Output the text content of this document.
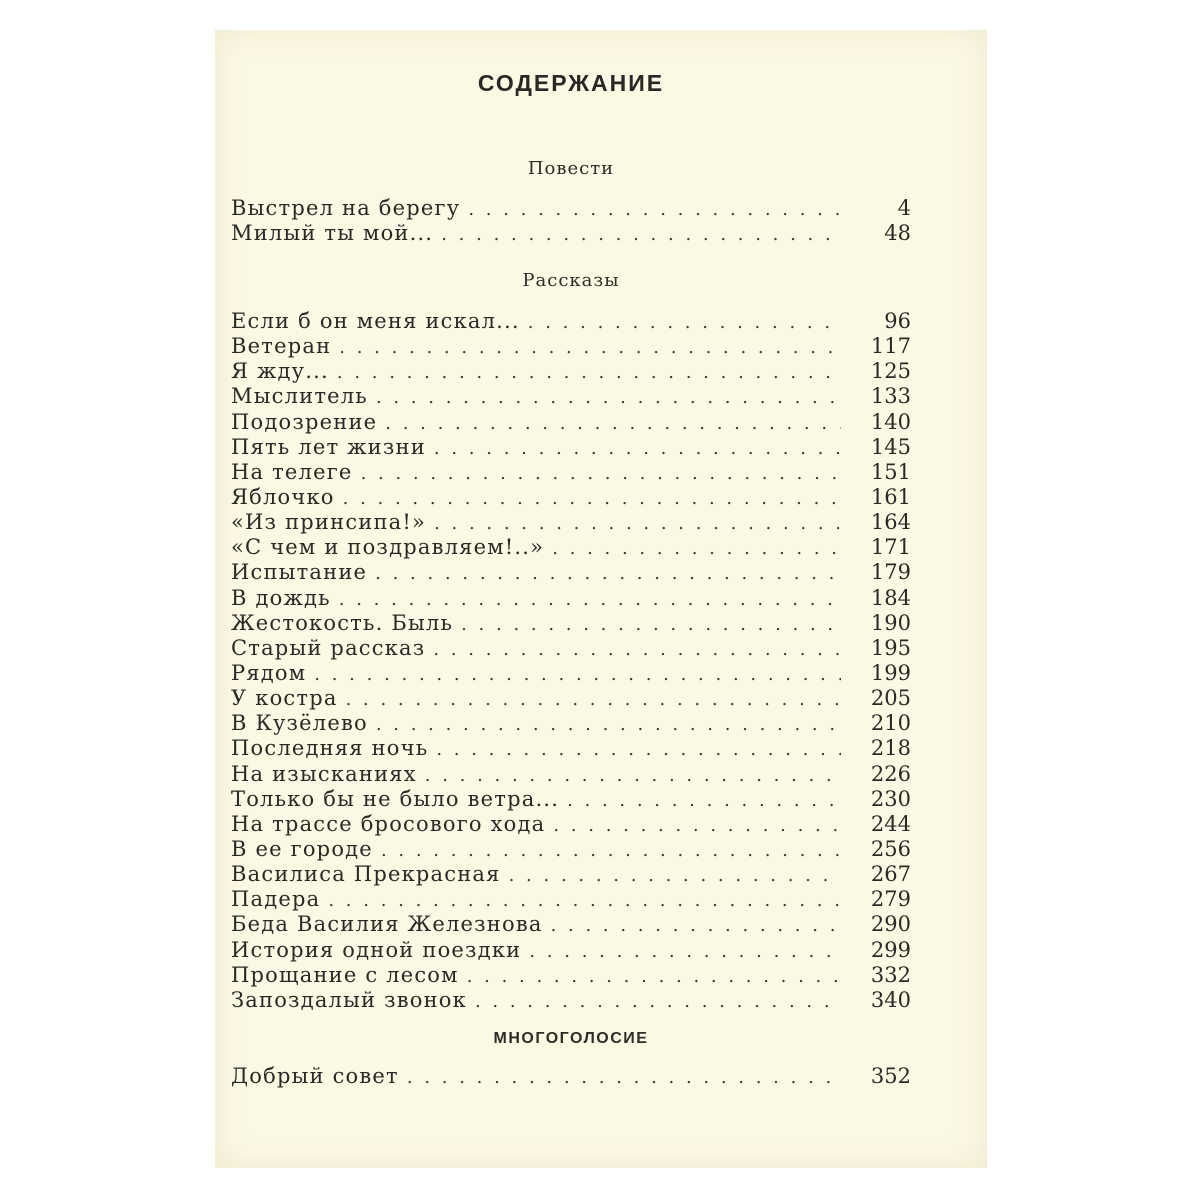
СОДЕРЖАНИЕ
Повести
Выстрел на берегу . . .	4
Милый ты мой... . . .	48
Рассказы
Если б он меня искал... . . .	96
Ветеран . . .	117
Я жду... . . .	125
Мыслитель . . .	133
Подозрение . . .	140
Пять лет жизни . . .	145
На телеге . . .	151
Яблочко . . .	161
«Из принсипа!» . . .	164
«С чем и поздравляем!..» . . .	171
Испытание . . .	179
В дождь . . .	184
Жестокость. Быль . . .	190
Старый рассказ . . .	195
Рядом . . .	199
У костра . . .	205
В Кузёлево . . .	210
Последняя ночь . . .	218
На изысканиях . . .	226
Только бы не было ветра... . . .	230
На трассе бросового хода . . .	244
В ее городе . . .	256
Василиса Прекрасная . . .	267
Падера . . .	279
Беда Василия Железнова . . .	290
История одной поездки . . .	299
Прощание с лесом . . .	332
Запоздалый звонок . . .	340
МНОГОГОЛОСИЕ
Добрый совет . . .	352
